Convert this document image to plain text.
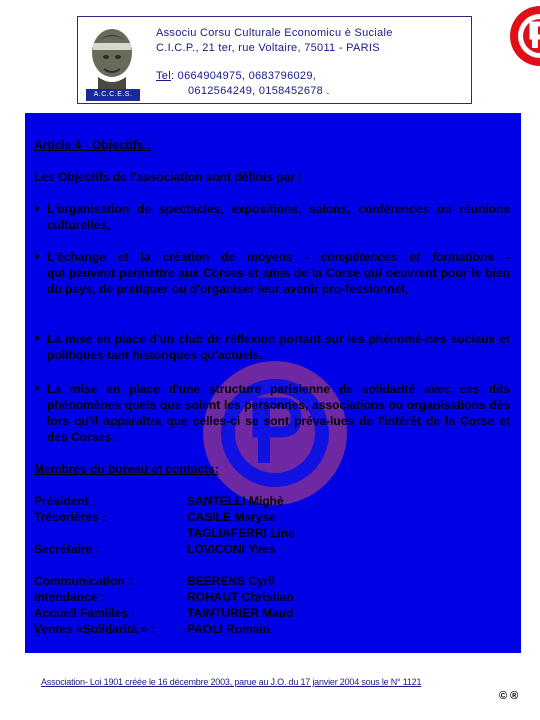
A.C.C.E.S.
Associu Corsu Culturale Economicu è Suciale
C.I.C.P., 21 ter, rue Voltaire, 75011 - PARIS
Tel: 0664904975, 0683796029,
0612564249, 0158452678 .
Article 4 - Objectifs :
Les Objectifs de l'association sont définis par :
● L'organisation de spectacles, expositions, salons, conférences ou réunions culturelles,
● L'échange et la création de moyens - compétences et formations -
qui peuvent permettre aux Corses et amis de la Corse qui oeuvrent pour le bien du pays, de pratiquer ou d'organiser leur avenir pro-fessionnel,
● La mise en place d'un club de réflexion portant sur les phénomè-nes sociaux et politiques tant historiques qu'actuels.
● La mise en place d'une structure parisienne de solidarité avec ces dits phénomènes quels que soient les personnes, associations ou organisations dès lors qu'il apparaîtra que celles-ci se sont préva-lues de l'intérêt de la Corse et des Corses .
Membres du bureau et contacts:
Président :	SANTELLI Mighè
Trésorières :	CASILE Maryse
TAGLIAFERRI Line
Secrétaire :	LOVICONI Yves
Communication :	BEERENS Cyril
Intendance :	ROHAUT Christian
Accueil Familles :	TAINTURIER Maud
Ventes «Sulidarità » :	PAOLI Romain
Association- Loi 1901 créée le 16 décembre 2003, parue au J.O. du 17 janvier 2004 sous le N° 1121
© ®
